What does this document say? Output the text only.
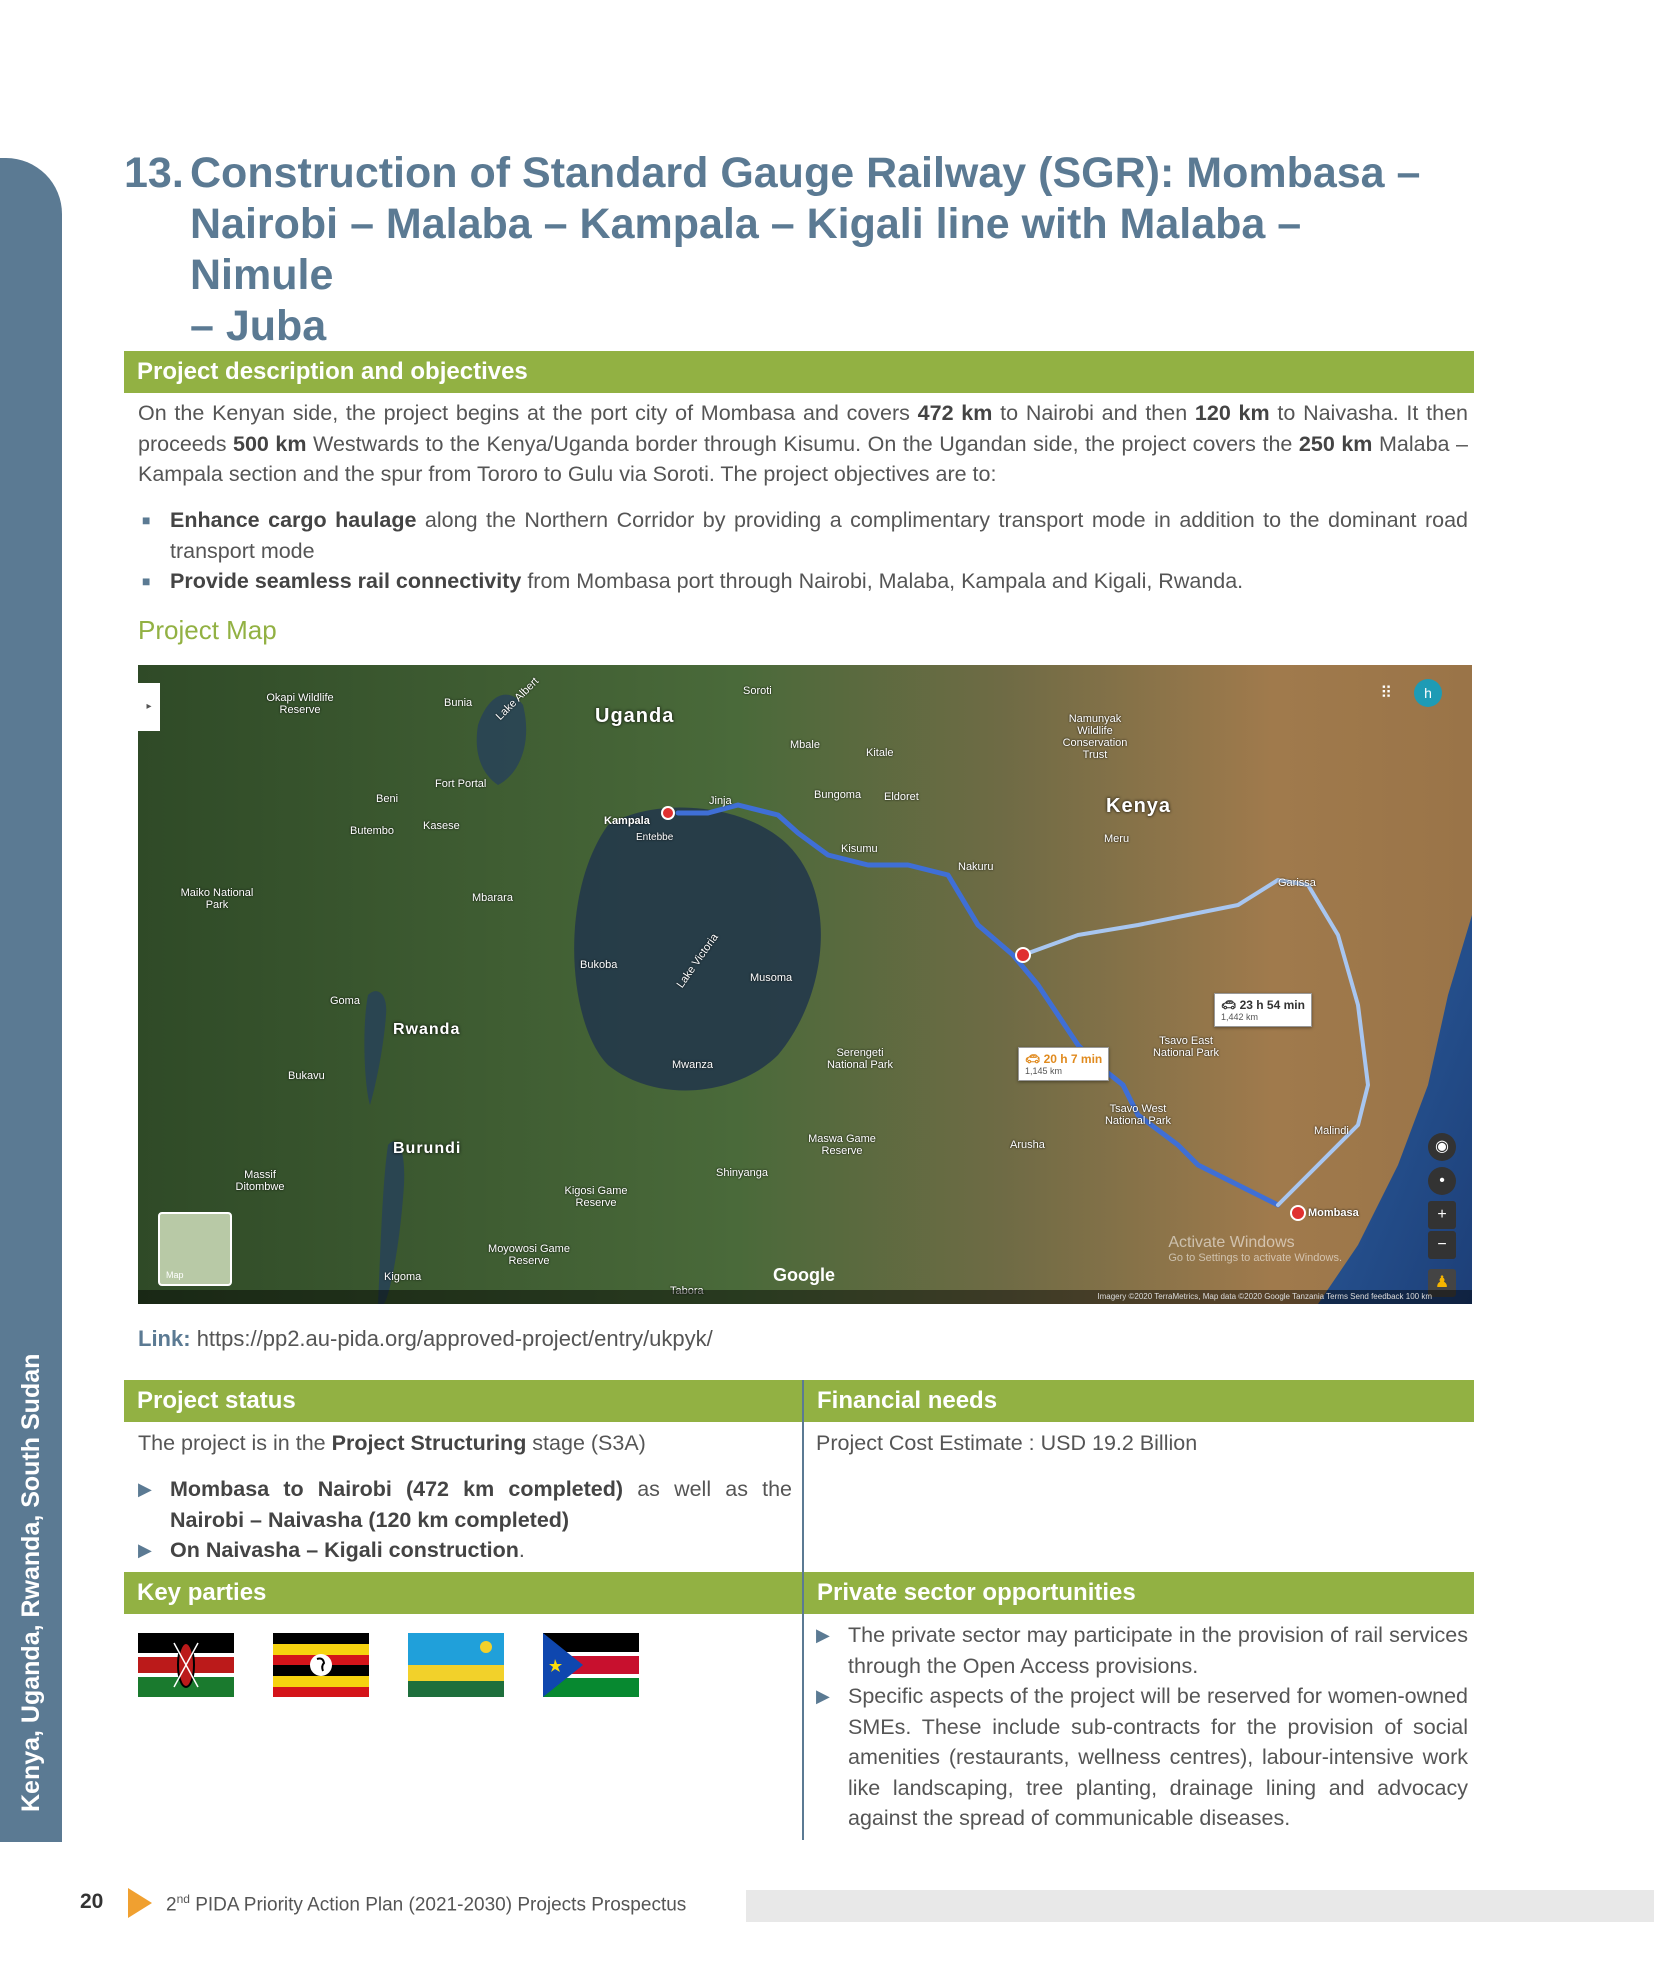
Kenya, Uganda, Rwanda, South Sudan
13. Construction of Standard Gauge Railway (SGR): Mombasa –
Nairobi – Malaba – Kampala – Kigali line with Malaba – Nimule
– Juba
Project description and objectives

On the Kenyan side, the project begins at the port city of Mombasa and covers 472 km to Nairobi and then 120 km to Naivasha. It then proceeds 500 km Westwards to the Kenya/Uganda border through Kisumu. On the Ugandan side, the project covers the 250 km Malaba – Kampala section and the spur from Tororo to Gulu via Soroti. The project objectives are to:

■ Enhance cargo haulage along the Northern Corridor by providing a complimentary transport mode in addition to the dominant road transport mode
■ Provide seamless rail connectivity from Mombasa port through Nairobi, Malaba, Kampala and Kigali, Rwanda.
Project Map
▸
⠿	h
Uganda
Kenya
Rwanda
Burundi
Okapi Wildlife Reserve
Bunia Lake Albert	Soroti
Mbale
Kitale
Fort Portal
Beni
Butembo	Kasese	Kampala
Entebbe
Jinja	Bungoma Eldoret
Kisumu
Nakuru
Maiko National Park
Mbarara
Goma
Bukavu
Massif Ditombwe
Lake Victoria
Bukoba
Musoma
Mwanza
Serengeti National Park
Maswa Game Reserve	Arusha
Tsavo East National Park
Tsavo West National Park
Mombasa
Malindi
Garissa
Meru
Namunyak Wildlife Conservation Trust
Kigosi Game Reserve
Moyowosi Game Reserve
Kigoma
Tabora
Shinyanga
🚗︎ 23 h 54 min
1,442 km
🚗︎ 20 h 7 min
1,145 km
◉
•
+
−
♟
Map	Google
Activate Windows
Go to Settings to activate Windows.
Imagery ©2020 TerraMetrics, Map data ©2020 Google Tanzania Terms Send feedback 100 km
Link: https://pp2.au-pida.org/approved-project/entry/ukpyk/
Project status	Financial needs

The project is in the Project Structuring stage (S3A)

▶ Mombasa to Nairobi (472 km completed) as well as the Nairobi – Naivasha (120 km completed)
▶ On Naivasha – Kigali construction.

Project Cost Estimate : USD 19.2 Billion

Key parties	Private sector opportunities
▶ The private sector may participate in the provision of rail services through the Open Access provisions.
▶ Specific aspects of the project will be reserved for women-owned SMEs. These include sub-contracts for the provision of social amenities (restaurants, wellness centres), labour-intensive work like landscaping, tree planting, drainage lining and advocacy against the spread of communicable diseases.
20	2nd PIDA Priority Action Plan (2021-2030) Projects Prospectus
